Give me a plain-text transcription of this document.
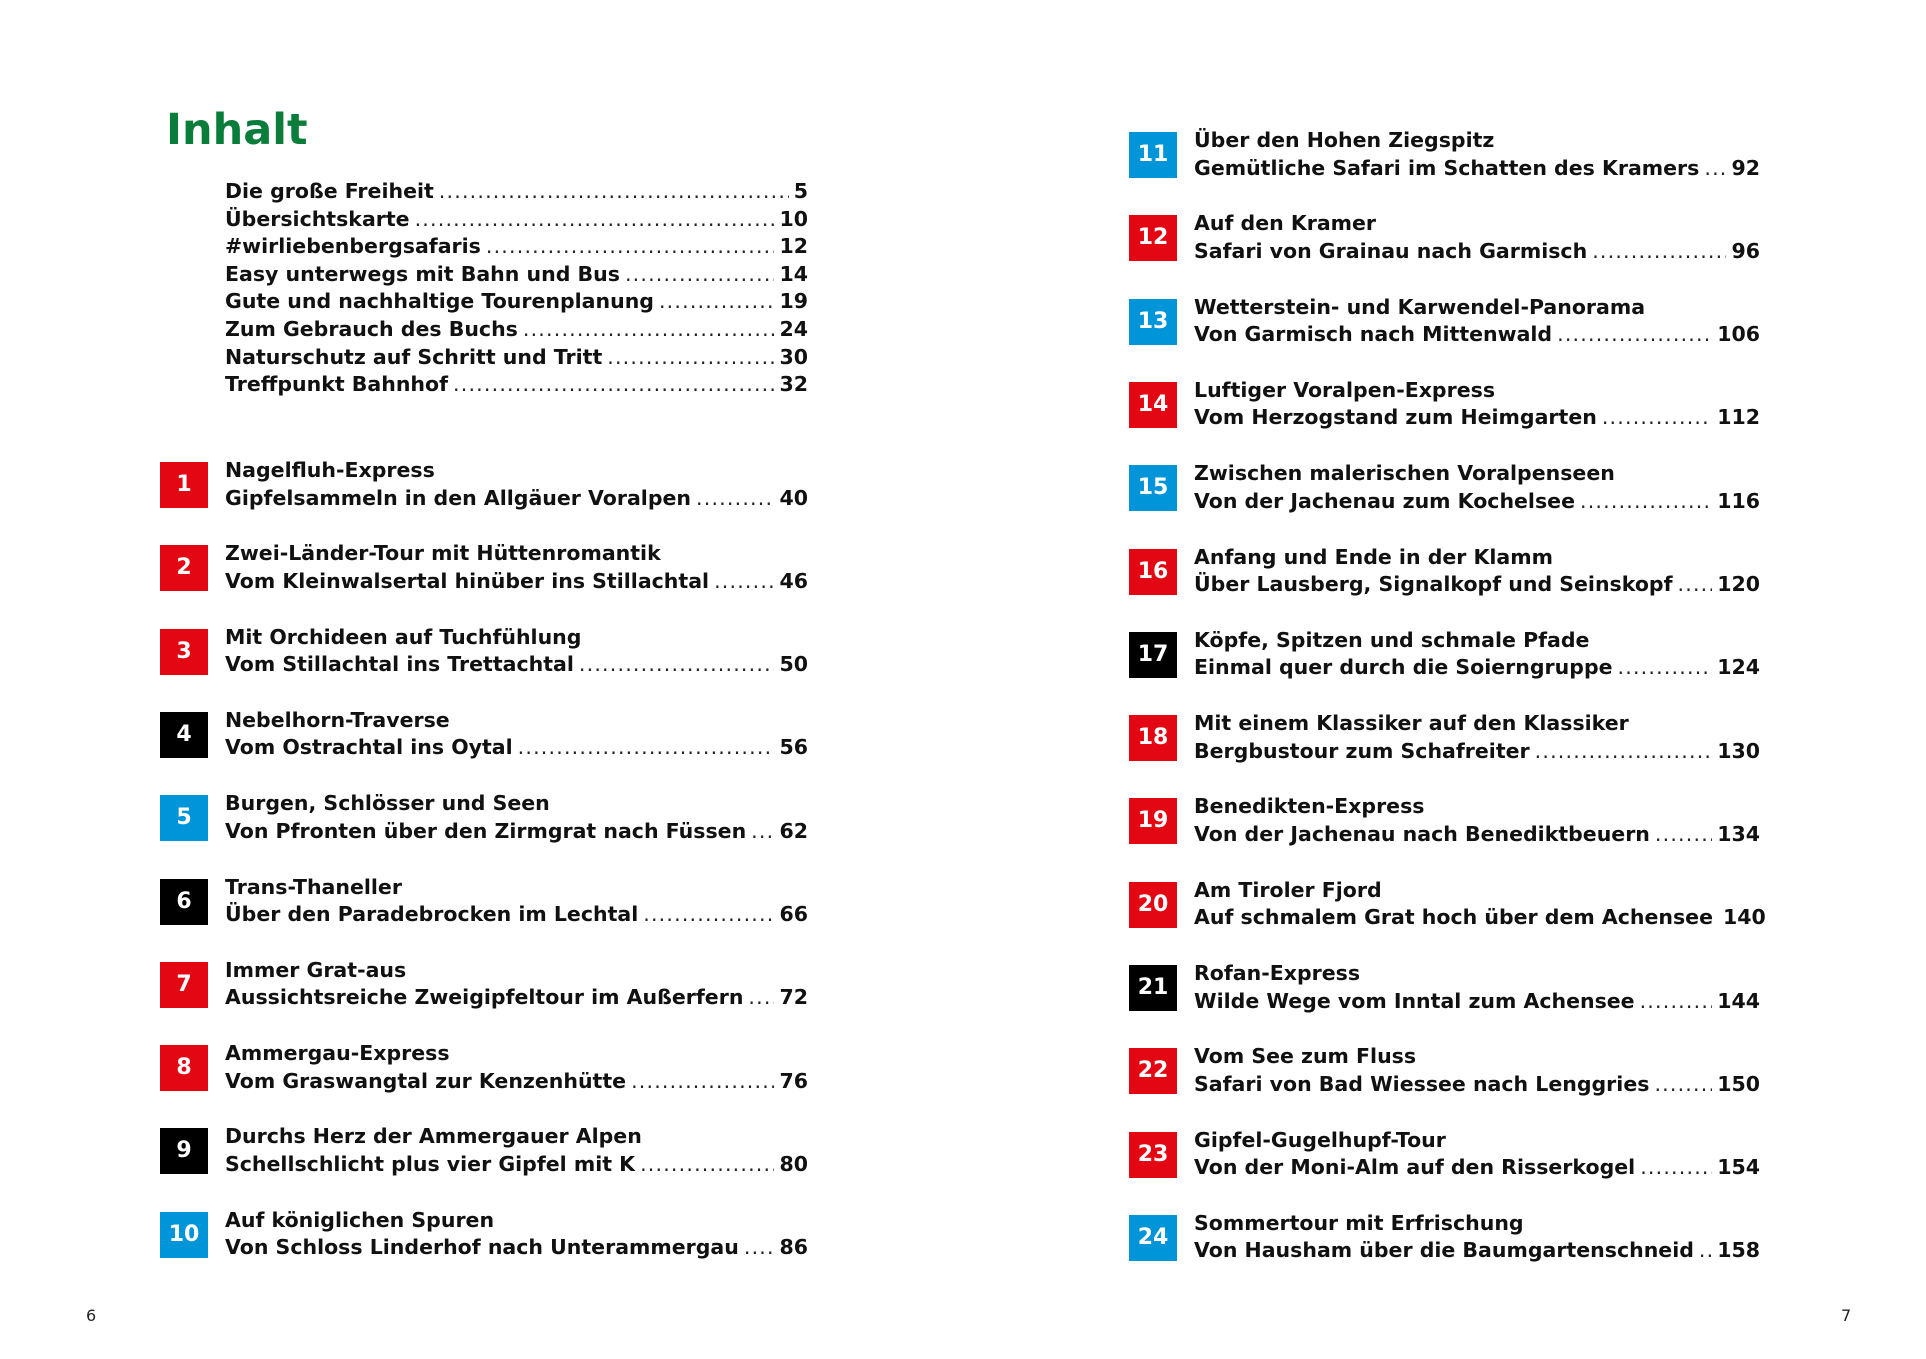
Inhalt
Die große Freiheit .....	5
Übersichtskarte .....	10
#wirliebenbergsafaris .....	12
Easy unterwegs mit Bahn und Bus .....	14
Gute und nachhaltige Tourenplanung .....	19
Zum Gebrauch des Buchs .....	24
Naturschutz auf Schritt und Tritt .....	30
Treffpunkt Bahnhof .....	32
1
Nagelfluh-Express
Gipfelsammeln in den Allgäuer Voralpen .....	40
2
Zwei-Länder-Tour mit Hüttenromantik
Vom Kleinwalsertal hinüber ins Stillachtal .....	46
3
Mit Orchideen auf Tuchfühlung
Vom Stillachtal ins Trettachtal .....	50
4
Nebelhorn-Traverse
Vom Ostrachtal ins Oytal .....	56
5
Burgen, Schlösser und Seen
Von Pfronten über den Zirmgrat nach Füssen ..... 62
6
Trans-Thaneller
Über den Paradebrocken im Lechtal .....	66
7
Immer Grat-aus
Aussichtsreiche Zweigipfeltour im Außerfern ..... 72
8
Ammergau-Express
Vom Graswangtal zur Kenzenhütte .....	76
9
Durchs Herz der Ammergauer Alpen
Schellschlicht plus vier Gipfel mit K .....	80
10
Auf königlichen Spuren
Von Schloss Linderhof nach Unterammergau ..... 86
6
11
Über den Hohen Ziegspitz
Gemütliche Safari im Schatten des Kramers ..... 92
12
Auf den Kramer
Safari von Grainau nach Garmisch .....	96
13
Wetterstein- und Karwendel-Panorama
Von Garmisch nach Mittenwald .....	106
14
Luftiger Voralpen-Express
Vom Herzogstand zum Heimgarten .....	112
15
Zwischen malerischen Voralpenseen
Von der Jachenau zum Kochelsee .....	116
16
Anfang und Ende in der Klamm
Über Lausberg, Signalkopf und Seinskopf ..... 120
17
Köpfe, Spitzen und schmale Pfade
Einmal quer durch die Soierngruppe .....	124
18
Mit einem Klassiker auf den Klassiker
Bergbustour zum Schafreiter .....	130
19
Benedikten-Express
Von der Jachenau nach Benediktbeuern .....	134
20
Am Tiroler Fjord
Auf schmalem Grat hoch über dem Achensee 140
21
Rofan-Express
Wilde Wege vom Inntal zum Achensee .....	144
22
Vom See zum Fluss
Safari von Bad Wiessee nach Lenggries .....	150
23
Gipfel-Gugelhupf-Tour
Von der Moni-Alm auf den Risserkogel .....	154
24
Sommertour mit Erfrischung
Von Hausham über die Baumgartenschneid ..... 158
7
